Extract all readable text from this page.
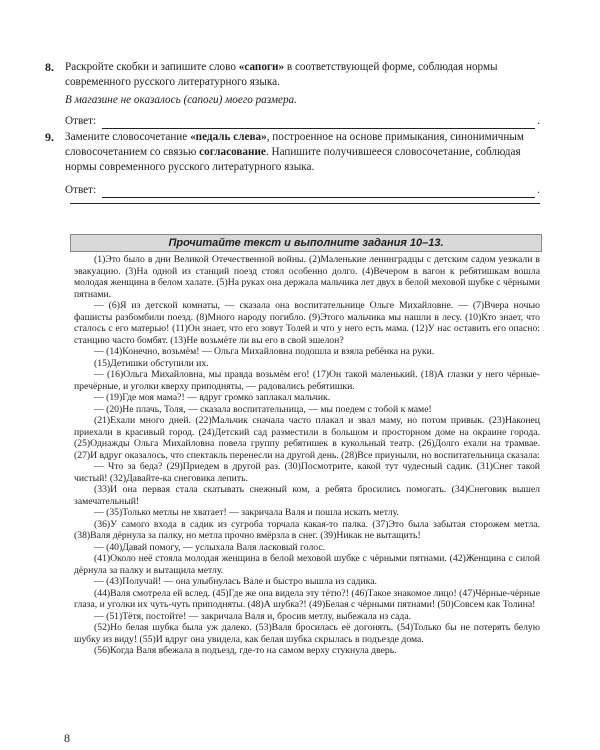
8. Раскройте скобки и запишите слово «сапоги» в соответствующей форме, соблюдая нормы современного русского литературного языка.
В магазине не оказалось (сапоги) моего размера.
Ответ:	.
9. Замените словосочетание «педаль слева», построенное на основе примыкания, синонимичным словосочетанием со связью согласование. Напишите получившееся словосочетание, соблюдая нормы современного русского литературного языка.
Ответ:	.
Прочитайте текст и выполните задания 10–13.

(1)Это было в дни Великой Отечественной войны. (2)Маленькие ленинградцы с детским садом уезжали в эвакуацию. (3)На одной из станций поезд стоял особенно долго. (4)Вечером в вагон к ребятишкам вошла молодая женщина в белом халате. (5)На руках она держала мальчика лет двух в белой меховой шубке с чёрными пятнами.

— (6)Я из детской комнаты, — сказала она воспитательнице Ольге Михайловне. — (7)Вчера ночью фашисты разбомбили поезд. (8)Много народу погибло. (9)Этого мальчика мы нашли в лесу. (10)Кто знает, что сталось с его матерью! (11)Он знает, что его зовут Толей и что у него есть мама. (12)У нас оставить его опасно: станцию часто бомбят. (13)Не возьмёте ли вы его в свой эшелон?

— (14)Конечно, возьмём! — Ольга Михайловна подошла и взяла ребёнка на руки.

(15)Детишки обступили их.

— (16)Ольга Михайловна, мы правда возьмём его! (17)Он такой маленький. (18)А глазки у него чёрные-пречёрные, и уголки кверху приподняты, — радовались ребятишки.

— (19)Где моя мама?! — вдруг громко заплакал мальчик.

— (20)Не плачь, Толя, — сказала воспитательница, — мы поедем с тобой к маме!

(21)Ехали много дней. (22)Мальчик сначала часто плакал и звал маму, но потом привык. (23)Наконец приехали в красивый город. (24)Детский сад разместили в большом и просторном доме на окраине города. (25)Однажды Ольга Михайловна повела группу ребятишек в кукольный театр. (26)Долго ехали на трамвае. (27)И вдруг оказалось, что спектакль перенесли на другой день. (28)Все приуныли, но воспитательница сказала:

— Что за беда? (29)Приедем в другой раз. (30)Посмотрите, какой тут чудесный садик. (31)Снег такой чистый! (32)Давайте-ка снеговика лепить.

(33)И она первая стала скатывать снежный ком, а ребята бросились помогать. (34)Снеговик вышел замечательный!

— (35)Только метлы не хватает! — закричала Валя и пошла искать метлу.

(36)У самого входа в садик из сугроба торчала какая-то палка. (37)Это была забытая сторожем метла. (38)Валя дёрнула за палку, но метла прочно вмёрзла в снег. (39)Никак не вытащить!

— (40)Давай помогу, — услыхала Валя ласковый голос.

(41)Около неё стояла молодая женщина в белой меховой шубке с чёрными пятнами. (42)Женщина с силой дёрнула за палку и вытащила метлу.

— (43)Получай! — она улыбнулась Вале и быстро вышла из садика.

(44)Валя смотрела ей вслед. (45)Где же она видела эту тётю?! (46)Такое знакомое лицо! (47)Чёрные-чёрные глаза, и уголки их чуть-чуть приподняты. (48)А шубка?! (49)Белая с чёрными пятнами! (50)Совсем как Толина!

— (51)Тётя, постойте! — закричала Валя и, бросив метлу, выбежала из сада.

(52)Но белая шубка была уж далеко. (53)Валя бросилась её догонять. (54)Только бы не потерять белую шубку из виду! (55)И вдруг она увидела, как белая шубка скрылась в подъезде дома.

(56)Когда Валя вбежала в подъезд, где-то на самом верху стукнула дверь.

8
